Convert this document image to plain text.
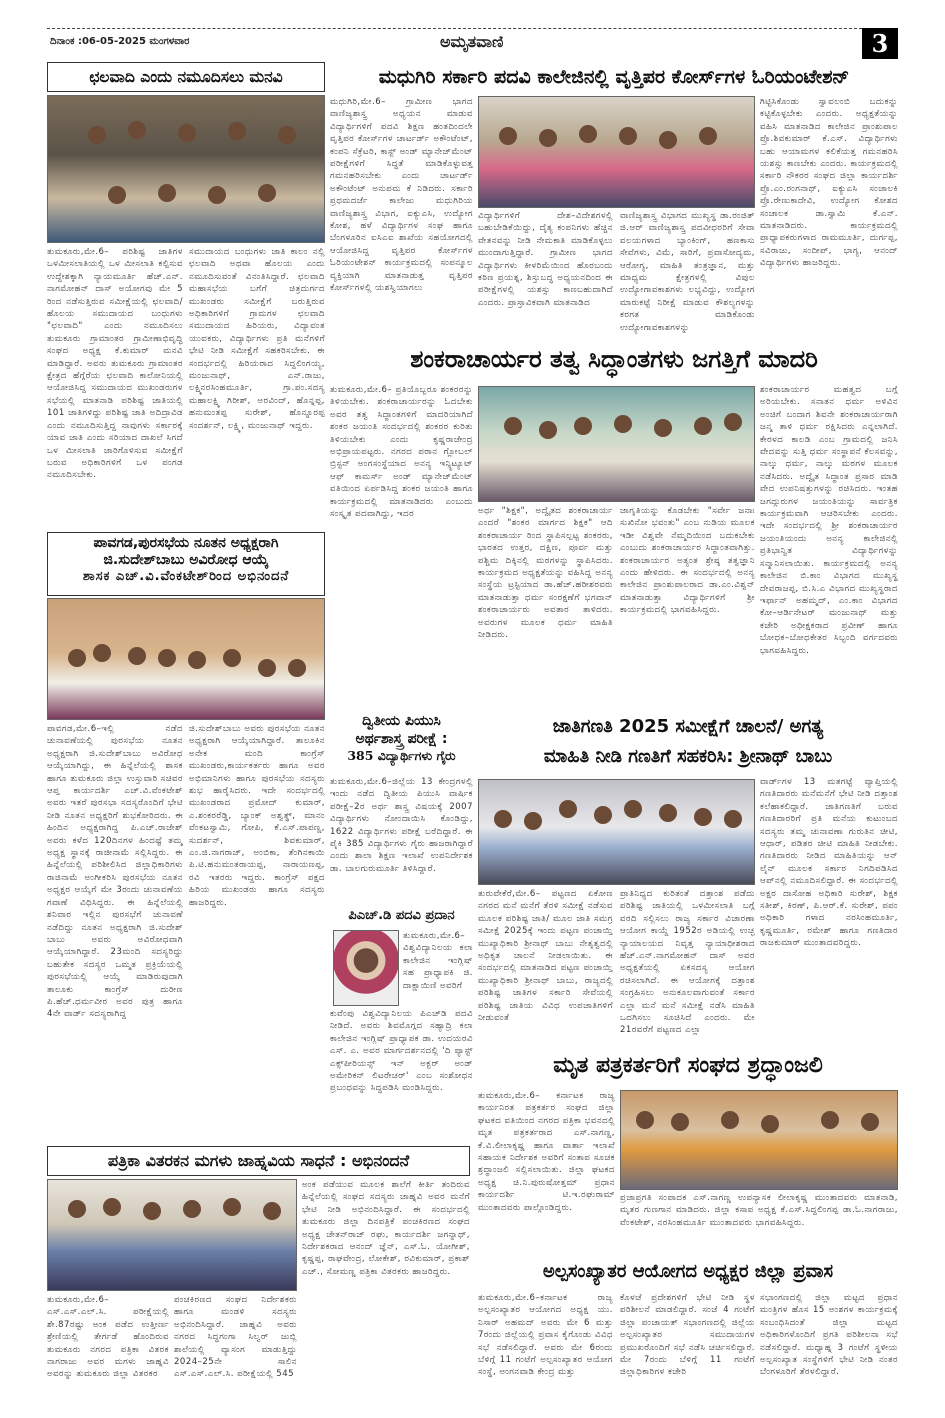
ದಿನಾಂಕ :06-05-2025 ಮಂಗಳವಾರ	ಅಮೃತವಾಣಿ	3
ಛಲವಾದಿ ಎಂದು ನಮೂದಿಸಲು ಮನವಿ
ತುಮಕೂರು,ಮೇ.6– ಪರಿಶಿಷ್ಟ ಜಾತಿಗಳ ಒಳಮೀಸಲಾತಿಯಲ್ಲಿ ಒಳ ಮೀಸಲಾತಿ ಕಲ್ಪಿಸುವ ಉದ್ದೇಶಕ್ಕಾಗಿ ನ್ಯಾಯಮೂರ್ತಿ ಹೆಚ್.ಎನ್. ನಾಗಮೋಹನ್ ದಾಸ್ ಅಯೋಗವು ಮೇ 5 ರಿಂದ ನಡೆಸುತ್ತಿರುವ ಸಮೀಕ್ಷೆಯಲ್ಲಿ ಛಲವಾದಿ/ ಹೊಲಯ ಸಮುದಾಯದ ಬಂಧುಗಳು "ಛಲವಾದಿ" ಎಂದು ನಮೂದಿಸಲು ತುಮಕೂರು ಗ್ರಾಮಾಂತರ ಗ್ರಾಮೀಣಾಭಿವೃದ್ಧಿ ಸಂಘದ ಅಧ್ಯಕ್ಷ ಕೆ.ಕುಮಾರ್ ಮನವಿ ಮಾಡಿದ್ದಾರೆ. ಅವರು ತುಮಕೂರು ಗ್ರಾಮಾಂತರ ಕ್ಷೇತ್ರದ ಹೆಗ್ಗೆರೆಯ ಛಲವಾದಿ ಕಾಲೋನಿಯಲ್ಲಿ ಆಯೋಜಿಸಿದ್ದ ಸಮುದಾಯದ ಮುಖಂಡರುಗಳ ಸಭೆಯಲ್ಲಿ ಮಾತನಾಡಿ ಪರಿಶಿಷ್ಟ ಜಾತಿಯಲ್ಲಿ 101 ಜಾತಿಗಳಿದ್ದು ಪರಿಶಿಷ್ಟ ಜಾತಿ ಅದಿದ್ರಾವಿಡ ಎಂದು ನಮೂದಿಸುತ್ತಿದ್ದ ನಾವುಗಳು ಸರ್ಕಾರಕ್ಕೆ ಯಾವ ಜಾತಿ ಎಂದು ಸರಿಯಾದ ದಾಖಲೆ ಸಿಗದೆ ಒಳ ಮೀಸಲಾತಿ ಜಾರಿಗೊಳಿಸುವ ಸಮೀಕ್ಷೆಗೆ ಬರುವ ಅಧಿಕಾರಿಗಳಿಗೆ ಒಳ ಪಂಗಡ ನಮೂದಿಸಬೇಕು.
ಸಮುದಾಯದ ಬಂಧುಗಳು ಜಾತಿ ಕಾಲಂ ನಲ್ಲಿ ಛಲವಾದಿ ಅಥವಾ ಹೊಲಯ ಎಂದು ನಮೂದಿಸುವಂತೆ ವಿನಂತಿಸಿದ್ದಾರೆ. ಛಲವಾದಿ ಮಹಾಸಭೆಯ ಬಗೆಗೆ ಚಿತ್ರದುರ್ಗದ ಮುಖಂಡರು ಸಮೀಕ್ಷೆಗೆ ಬರುತ್ತಿರುವ ಅಧಿಕಾರಿಗಳಿಗೆ ಗ್ರಾಮಗಳ ಛಲವಾದಿ ಸಮುದಾಯದ ಹಿರಿಯರು, ವಿದ್ಯಾವಂತ ಯುವಕರು, ವಿದ್ಯಾರ್ಥಿಗಳು ಪ್ರತಿ ಮನೆಗಳಿಗೆ ಭೇಟಿ ನೀಡಿ ಸಮೀಕ್ಷೆಗೆ ಸಹಕರಿಸಬೇಕು. ಈ ಸಂದರ್ಭದಲ್ಲಿ ಹಿರಿಯರಾದ ಸಿದ್ದಲಿಂಗಯ್ಯ, ಮಂಜುನಾಥ್, ಎನ್.ರಾಜು, ಲಕ್ಷ್ಮಿನರಸಿಂಹಮೂರ್ತಿ, ಗ್ರಾ.ಪಂ.ಸದಸ್ಯ ಮಹಾಲಕ್ಷ್ಮಿ ಗಿರೀಶ್, ಅರವಿಂದ್, ಹೊನ್ನಪ್ಪ, ಹನುಮಂತಪ್ಪ ಸುರೇಶ್, ಹೊನ್ನೂರಪ್ಪ ಸಂದರ್ಶನ್, ಲಕ್ಷ್ಮಿ, ಮಂಜುನಾಥ್ ಇದ್ದರು.
ಪಾವಗಡ,ಪುರಸಭೆಯ ನೂತನ ಅಧ್ಯಕ್ಷರಾಗಿ
ಜಿ.ಸುದೇಶ್‌ಬಾಬು ಅವಿರೋಧ ಆಯ್ಕೆ
ಶಾಸಕ ಎಚ್.ವಿ.ವೆಂಕಟೇಶ್‌ರಿಂದ ಅಭಿನಂದನೆ
ಪಾವಗಡ,ಮೇ.6–ಇಲ್ಲಿ ನಡೆದ ಚುನಾವಣೆಯಲ್ಲಿ ಪುರಸಭೆಯ ನೂತನ ಅಧ್ಯಕ್ಷರಾಗಿ ಜಿ.ಸುದೇಶ್‌ಬಾಬು ಅವಿರೋಧ ಆಯ್ಕೆಯಾಗಿದ್ದು, ಈ ಹಿನ್ನೆಲೆಯಲ್ಲಿ ಶಾಸಕ ಹಾಗೂ ತುಮಕೂರು ಜಿಲ್ಲಾ ಉಸ್ತುವಾರಿ ಸಚಿವರ ಆಪ್ತ ಕಾರ್ಯದರ್ಶಿ ಎಚ್.ವಿ.ವೆಂಕಟೇಶ್ ಅವರು ಇತರೆ ಪುರಸಭಾ ಸದಸ್ಯರೊಂದಿಗೆ ಭೇಟಿ ನೀಡಿ ನೂತನ ಅಧ್ಯಕ್ಷರಿಗೆ ಶುಭಕೋರಿದರು. ಈ ಹಿಂದಿನ ಅಧ್ಯಕ್ಷರಾಗಿದ್ದ ಪಿ.ಎಚ್.ರಾಜೇಶ್ ಅವರು ಕಳೆದ 120ದಿನಗಳ ಹಿಂದಷ್ಟೆ ತಮ್ಮ ಅಧ್ಯಕ್ಷ ಸ್ಥಾನಕ್ಕೆ ರಾಜೀನಾಮೆ ಸಲ್ಲಿಸಿದ್ದರು. ಈ ಹಿನ್ನೆಲೆಯಲ್ಲಿ ಪರಿಶೀಲಿಸಿದ ಜಿಲ್ಲಾಧಿಕಾರಿಗಳು ರಾಜಿನಾಮೆ ಅಂಗೀಕರಿಸಿ ಪುರಸಭೆಯ ನೂತನ ಅಧ್ಯಕ್ಷರ ಆಯ್ಕೆಗೆ ಮೇ 3ರಂದು ಚುನಾವಣೆಯ ಗವಾಣೆ ವಿಧಿಸಿದ್ದರು. ಈ ಹಿನ್ನೆಲೆಯಲ್ಲಿ ಶನಿವಾರ ಇಲ್ಲಿನ ಪುರಸಭೆಗೆ ಚುನಾವಣೆ ನಡೆದಿದ್ದು ನೂತನ ಅಧ್ಯಕ್ಷರಾಗಿ ಜಿ.ಸುದೇಶ್ ಬಾಬು ಅವರು ಅವಿರೋಧವಾಗಿ ಆಯ್ಕೆಯಾಗಿದ್ದಾರೆ. 23ಮಂದಿ ಸದಸ್ಯರಿದ್ದು ಬಹುತೇಕ ಸದಸ್ಯರ ಒಮ್ಮತ ಪ್ರಕ್ರಿಯೆಯಲ್ಲಿ ಪುರಸಭೆಯಲ್ಲಿ ಆಯ್ಕೆ ಮಾಡಿರುವುದಾಗಿ ತಾಲೂಕು ಕಾಂಗ್ರೆಸ್ ದುರೀಣ ಪಿ.ಹೆಚ್.ಧರ್ಮವೀರ ಅವರ ಪುತ್ರ ಹಾಗೂ 4ನೇ ವಾರ್ಡ್ ಸದಸ್ಯರಾಗಿದ್ದ
ಜಿ.ಸುದೇಶ್‌ಬಾಬು ಅವರು ಪುರಸಭೆಯ ನೂತನ ಅಧ್ಯಕ್ಷರಾಗಿ ಆಯ್ಕೆಯಾಗಿದ್ದಾರೆ. ತಾಲೂಕಿನ ಅನೇಕ ಮಂದಿ ಕಾಂಗ್ರೆಸ್ ಮುಖಂಡರು,ಕಾರ್ಯಕರ್ತರು ಹಾಗೂ ಅವರ ಅಭಿಮಾನಿಗಳು ಹಾಗೂ ಪುರಸಭೆಯ ಸದಸ್ಯರು ಶುಭ ಹಾರೈಸಿದರು. ಇದೇ ಸಂದರ್ಭದಲ್ಲಿ ಮುಖಂಡರಾದ ಪ್ರಮೋದ್ ಕುಮಾರ್, ಎ.ಶಂಕರರೆಡ್ಡಿ, ಬ್ಯಾಂಕ್ ಅಶ್ವತ್ಥ್, ಮಾನಂ ವೆಂಕಟಸ್ವಾಮಿ, ಗೋಪಿ, ಕೆ.ಎಸ್.ಪಾಪಣ್ಣ, ಸುದರ್ಶನ್, ಶಿವಕುಮಾರ್, ಎಂ.ಜಿ.ನಾಗರಾಜ್, ಅಂಬಿಕಾ, ತೆಂಗಿನಕಾಯಿ ಪಿ.ಟಿ.ಹನುಮಂತರಾಯಪ್ಪ, ನಾರಾಯಣಪ್ಪ, ರವಿ ಇತರರು ಇದ್ದರು. ಕಾಂಗ್ರೆಸ್ ಪಕ್ಷದ ಹಿರಿಯ ಮುಖಂಡರು ಹಾಗೂ ಸದಸ್ಯರು ಹಾಜರಿದ್ದರು.
ಪತ್ರಿಕಾ ವಿತರಕನ ಮಗಳು ಜಾಹ್ನವಿಯ ಸಾಧನೆ : ಅಭಿನಂದನೆ
ತುಮಕೂರು,ಮೇ.6– ಎಸ್.ಎಸ್.ಎಲ್.ಸಿ. ಪರೀಕ್ಷೆಯಲ್ಲಿ ಶೇ.87ರಷ್ಟು ಅಂಕ ಪಡೆದ ಉತ್ತೀರ್ಣ ಶ್ರೇಣಿಯಲ್ಲಿ ತೇರ್ಗಡೆ ಹೊಂದಿರುವ ತುಮಕೂರು ನಗರದ ಪತ್ರಿಕಾ ವಿತರಕ ನಾಗರಾಜು ಅವರ ಮಗಳು ಜಾಹ್ನವಿ ಅವರನ್ನು ತುಮಕೂರು ಜಿಲ್ಲಾ ವಿತರಕರ
ಪಂಚಕಿರಣದ ಸಂಘದ ನಿರ್ದೇಶಕರು ಹಾಗೂ ಮಂಡಳಿ ಸದಸ್ಯರು ಅಭಿನಂದಿಸಿದ್ದಾರೆ. ಜಾಹ್ನವಿ ಅವರು ನಗರದ ಸಿದ್ಧಗಂಗಾ ಸಿಲ್ವರ್ ಜುಬ್ಲಿ ಶಾಲೆಯಲ್ಲಿ ವ್ಯಾಸಂಗ ಮಾಡುತ್ತಿದ್ದು 2024–25ನೇ ಸಾಲಿನ ಎಸ್.ಎಸ್.ಎಲ್.ಸಿ. ಪರೀಕ್ಷೆಯಲ್ಲಿ 545
ಅಂಕ ಪಡೆಯುವ ಮೂಲಕ ಶಾಲೆಗೆ ಕೀರ್ತಿ ತಂದಿರುವ ಹಿನ್ನೆಲೆಯಲ್ಲಿ ಸಂಘದ ಸದಸ್ಯರು ಜಾಹ್ನವಿ ಅವರ ಮನೆಗೆ ಭೇಟಿ ನೀಡಿ ಅಭಿನಂದಿಸಿದ್ದಾರೆ. ಈ ಸಂದರ್ಭದಲ್ಲಿ ತುಮಕೂರು ಜಿಲ್ಲಾ ದಿನಪತ್ರಿಕೆ ಪಂಚಕಿರಣದ ಸಂಘದ ಅಧ್ಯಕ್ಷ ಚೇತನ್‌ರಾಜ್ ರಘು, ಕಾರ್ಯದರ್ಶಿ ಜಗನ್ನಾಥ್, ನಿರ್ದೇಶಕರಾದ ಆನಂದ್ ಜ್ಞೆನ್, ಎಸ್.ಓ. ಯೋಗೀಶ್, ಕೃಷ್ಣಪ್ಪ, ರಾಘವೇಂದ್ರ, ಲೋಕೇಶ್, ರವಿಕುಮಾರ್, ಪ್ರಕಾಶ್ ಎಚ್., ಸೋಮಣ್ಣ ಪತ್ರಿಕಾ ವಿತರಕರು ಹಾಜರಿದ್ದರು.
ಮಧುಗಿರಿ ಸರ್ಕಾರಿ ಪದವಿ ಕಾಲೇಜಿನಲ್ಲಿ ವೃತ್ತಿಪರ ಕೋರ್ಸ್‌ಗಳ ಓರಿಯಂಟೇಶನ್
ಮಧುಗಿರಿ,ಮೇ.6– ಗ್ರಾಮೀಣ ಭಾಗದ ವಾಣಿಜ್ಯಶಾಸ್ತ್ರ ಅಧ್ಯಯನ ಮಾಡುವ ವಿದ್ಯಾರ್ಥಿಗಳಿಗೆ ಪದವಿ ಶಿಕ್ಷಣ ಹಂತದಿಂದಲೇ ವೃತ್ತಿಪರ ಕೋರ್ಸ್‌ಗಳ ಚಾರ್ಟರ್ಡ್ ಅಕೌಂಟೆಂಟ್, ಕಂಪನಿ ಸೆಕ್ರೆಟರಿ, ಕಾಸ್ಟ್ ಅಂಡ್ ಮ್ಯಾನೇಜ್‌ಮೆಂಟ್ ಪರೀಕ್ಷೆಗಳಿಗೆ ಸಿದ್ಧತೆ ಮಾಡಿಕೊಳ್ಳುವತ್ತ ಗಮನಹರಿಸಬೇಕು ಎಂದು ಚಾರ್ಟರ್ಡ್ ಅಕೌಂಟೆಂಟ್ ಅನುಪಮ ಕೆ ನಿಡಿದರು. ಸರ್ಕಾರಿ ಪ್ರಥಮದರ್ಜೆ ಕಾಲೇಜು ಮಧುಗಿರಿಯ ವಾಣಿಜ್ಯಶಾಸ್ತ್ರ ವಿಭಾಗ, ಐಕ್ಯುಎಸಿ, ಉದ್ಯೋಗ ಕೋಶ, ಹಳೆ ವಿದ್ಯಾರ್ಥಿಗಳ ಸಂಘ ಹಾಗೂ ಬೆಂಗಳೂರಿನ ಐಸಿಎಐ ಶಾಖೆಯ ಸಹಯೋಗದಲ್ಲಿ ಆಯೋಜಿಸಿದ್ದ ವೃತ್ತಿಪರ ಕೋರ್ಸ್‌ಗಳ ಓರಿಯಂಟೇಶನ್ ಕಾರ್ಯಕ್ರಮದಲ್ಲಿ ಸಂಪನ್ಮೂಲ ವ್ಯಕ್ತಿಯಾಗಿ ಮಾತನಾಡುತ್ತ ವೃತ್ತಿಪರ ಕೋರ್ಸ್‌ಗಳಲ್ಲಿ ಯಶಸ್ವಿಯಾಗಲು
ವಿದ್ಯಾರ್ಥಿಗಳಿಗೆ ದೇಶ–ವಿದೇಶಗಳಲ್ಲಿ ಬಹುಬೇಡಿಕೆಯಿದ್ದು, ದೈತ್ಯ ಕಂಪನಿಗಳು ಹೆಚ್ಚಿನ ವೇತನವನ್ನು ನೀಡಿ ನೇಮಕಾತಿ ಮಾಡಿಕೊಳ್ಳಲು ಮುಂದಾಗುತ್ತಿದ್ದಾರೆ. ಗ್ರಾಮೀಣ ಭಾಗದ ವಿದ್ಯಾರ್ಥಿಗಳು ಕೀಳರಿಮೆಯಿಂದ ಹೊರಬಂದು ಕಠಿಣ ಪ್ರಯತ್ನ, ಶಿಸ್ತುಬದ್ಧ ಅಧ್ಯಯನದಿಂದ ಈ ಪರೀಕ್ಷೆಗಳಲ್ಲಿ ಯಶಸ್ಸು ಕಾಣಬಹುದಾಗಿದೆ ಎಂದರು. ಪ್ರಾಸ್ತಾವಿಕವಾಗಿ ಮಾತನಾಡಿದ
ವಾಣಿಜ್ಯಶಾಸ್ತ್ರ ವಿಭಾಗದ ಮುಖ್ಯಸ್ಥ ಡಾ.ರಂಜಿತ್ ಜಿ.ಆರ್ ವಾಣಿಜ್ಯಶಾಸ್ತ್ರ ಪದವೀಧರರಿಗೆ ಸೇವಾ ವಲಯಗಳಾದ ಬ್ಯಾಂಕಿಂಗ್, ಹಣಕಾಸು ಸೇವೆಗಳು, ವಿಮೆ, ಸಾರಿಗೆ, ಪ್ರವಾಸೋದ್ಯಮ, ಆರೋಗ್ಯ, ಮಾಹಿತಿ ತಂತ್ರಜ್ಞಾನ, ಮತ್ತು ಮಾಧ್ಯಮ ಕ್ಷೇತ್ರಗಳಲ್ಲಿ ವಿಪುಲ ಉದ್ಯೋಗಾವಕಾಶಗಳು ಲಭ್ಯವಿದ್ದು, ಉದ್ಯೋಗ ಮಾರುಕಟ್ಟೆ ನಿರೀಕ್ಷೆ ಮಾಡುವ ಕೌಶಲ್ಯಗಳನ್ನು ಕರಗತ ಮಾಡಿಕೊಂಡು ಉದ್ಯೋಗಾವಕಾಶಗಳನ್ನು
ಗಿಟ್ಟಿಸಿಕೊಂಡು ಸ್ವಾವಲಂಬಿ ಬದುಕನ್ನು ಕಟ್ಟಿಕೊಳ್ಳಬೇಕು ಎಂದರು. ಅಧ್ಯಕ್ಷತೆಯನ್ನು ವಹಿಸಿ ಮಾತನಾಡಿದ ಕಾಲೇಜಿನ ಪ್ರಾಂಶುಪಾಲ ಪ್ರೊ.ಶಿವಕುಮಾರ್ ಕೆ.ಎಸ್. ವಿದ್ಯಾರ್ಥಿಗಳು ಬಹು ಆಯಾಮಗಳ ಕಲಿಕೆಯತ್ತ ಗಮನಹರಿಸಿ ಯಶಸ್ಸು ಕಾಣಬೇಕು ಎಂದರು. ಕಾರ್ಯಕ್ರಮದಲ್ಲಿ ಸರ್ಕಾರಿ ನೌಕರರ ಸಂಘದ ಜಿಲ್ಲಾ ಕಾರ್ಯದರ್ಶಿ ಪ್ರೊ.ಎಂ.ರಂಗನಾಥ್, ಐಕ್ಯುಎಸಿ ಸಂಚಾಲಕಿ ಪ್ರೊ.ರೇಣುಕಾದೇವಿ, ಉದ್ಯೋಗ ಕೋಶದ ಸಂಚಾಲಕ ಡಾ.ಸ್ವಾಮಿ ಕೆ.ಎನ್. ಮಾತನಾಡಿದರು. ಕಾರ್ಯಕ್ರಮದಲ್ಲಿ ಪ್ರಾಧ್ಯಾಪಕರುಗಳಾದ ರಾಮಮೂರ್ತಿ, ದುರ್ಗಪ್ಪ, ಸವಿರಾಜು, ಸಂದೀಪ್, ಭಾಗ್ಯ, ಆನಂದ್ ವಿದ್ಯಾರ್ಥಿಗಳು ಹಾಜರಿದ್ದರು.
ಶಂಕರಾಚಾರ್ಯರ ತತ್ವ ಸಿದ್ಧಾಂತಗಳು ಜಗತ್ತಿಗೆ ಮಾದರಿ
ತುಮಕೂರು,ಮೇ.6– ಪ್ರತಿಯೊಬ್ಬರೂ ಶಂಕರರನ್ನು ತಿಳಿಯಬೇಕು. ಶಂಕರಾಚಾರ್ಯರನ್ನು ಓದಬೇಕು ಅವರ ತತ್ವ ಸಿದ್ಧಾಂತಗಳಿಗೆ ಮಾದರಿಯಾಗಿದೆ ಶಂಕರ ಜಯಂತಿ ಸಂದರ್ಭದಲ್ಲಿ ಶಂಕರರ ಕುರಿತು ತಿಳಿಯಬೇಕು ಎಂದು ಕೃಷ್ಣರಾಜೇಂದ್ರ ಅಭಿಪ್ರಾಯಪಟ್ಟರು. ನಗರದ ಪರಾನ ಗ್ಲೋಬಲ್ ಬ್ರಿಸ್ಟನ್ ಅಂಗಸಂಸ್ಥೆಯಾದ ಅನನ್ಯ ಇನ್ಸ್ಟಿಟ್ಯೂಟ್ ಆಫ್ ಕಾಮರ್ಸ್ ಅಂಡ್ ಮ್ಯಾನೇಜ್‌ಮೆಂಟ್ ವತಿಯಿಂದ ಏರ್ಪಡಿಸಿದ್ದ ಶಂಕರ ಜಯಂತಿ ಹಾಗೂ ಕಾರ್ಯಕ್ರಮದಲ್ಲಿ ಮಾತನಾಡಿದರು ಎಂಬುದು ಸಂಸ್ಕೃತ ಪದವಾಗಿದ್ದು, ಇದರ	ಅರ್ಥ "ಶಿಕ್ಷಕ", ಅದ್ವೈತದ ಶಂಕರಾಚಾರ್ಯ ಎಂದರೆ "ಶಂಕರ ಮಾರ್ಗದ ಶಿಕ್ಷಕ" ಆದಿ ಶಂಕರಾಚಾರ್ಯ ರಿಂದ ಸ್ಥಾಪಿಸಲ್ಪಟ್ಟ ಶಂಕರರು, ಭಾರತದ ಉತ್ತರ, ದಕ್ಷಿಣ, ಪೂರ್ವ ಮತ್ತು ಪಶ್ಚಿಮ ದಿಕ್ಕಿನಲ್ಲಿ ಮಠಗಳನ್ನು ಸ್ಥಾಪಿಸಿದರು. ಕಾರ್ಯಕ್ರಮದ ಅಧ್ಯಕ್ಷತೆಯನ್ನು ವಹಿಸಿದ್ದ ಅನನ್ಯ ಸಂಸ್ಥೆಯ ಟ್ರಸ್ಟಿಯಾದ ಡಾ.ಹೆಚ್.ಹರೀಶರವರು ಮಾತನಾಡುತ್ತಾ ಧರ್ಮ ಸಂರಕ್ಷಣೆಗೆ ಭಗವಾನ್ ಶಂಕರಾಚಾರ್ಯರು ಅವತಾರ ತಾಳಿದರು. ಅವರುಗಳ ಮೂಲಕ ಧರ್ಮ ಮಾಹಿತಿ ನೀಡಿದರು.
ಜಾಗೃತಿಯನ್ನು ಕೊಡಬೇಕು "ಸರ್ವೇ ಜನಾಃ ಸುಖಿನೋ ಭವಂತು" ಎಂಬ ನುಡಿಯ ಮೂಲಕ ಇಡೀ ವಿಶ್ವವೇ ನೆಮ್ಮದಿಯಿಂದ ಬದುಕಬೇಕು ಎಂಬುದು ಶಂಕರಾಚಾರ್ಯರ ಸಿದ್ಧಾಂತವಾಗಿತ್ತು. ಶಂಕರಾಚಾರ್ಯರ ಅತ್ಯಂತ ಶ್ರೇಷ್ಠ ತತ್ವಜ್ಞಾನಿ ಎಂದು ಹೇಳಿದರು. ಈ ಸಂದರ್ಭದಲ್ಲಿ ಅನನ್ಯ ಕಾಲೇಜಿನ ಪ್ರಾಂಶುಪಾಲರಾದ ಡಾ.ಎಂ.ವಿಶ್ವನ್ ಮಾತನಾಡುತ್ತಾ ವಿದ್ಯಾರ್ಥಿಗಳಿಗೆ ಶ್ರೀ ಕಾರ್ಯಕ್ರಮದಲ್ಲಿ ಭಾಗವಹಿಸಿದ್ದರು.
ಶಂಕರಾಚಾರ್ಯರ ಮಹತ್ವದ ಬಗ್ಗೆ ಅರಿಯಬೇಕು. ಸನಾತನ ಧರ್ಮ ಅಳಿವಿನ ಅಂಚಿಗೆ ಬಂದಾಗ ಶಿವನೇ ಶಂಕರಾಚಾರ್ಯರಾಗಿ ಜನ್ಮ ತಾಳಿ ಧರ್ಮ ರಕ್ಷಿಸಿದರು ಎನ್ನಲಾಗಿದೆ. ಕೇರಳದ ಕಾಲಡಿ ಎಂಬ ಗ್ರಾಮದಲ್ಲಿ ಜನಿಸಿ ವೇದವನ್ನು ಸುತ್ತಿ ಧರ್ಮ ಸಂಸ್ಥಾಪನೆ ಕೆಲಸವನ್ನು, ನಾಲ್ಕು ಧರ್ಮ, ನಾಲ್ಕು ಮಠಗಳ ಮೂಲಕ ನಡೆಸಿದರು. ಅದ್ವೈತ ಸಿದ್ಧಾಂತ ಪ್ರಸಾರ ಮಾಡಿ ವೇದ ಉಪನಿಷತ್ತುಗಳನ್ನು ರಚಿಸಿದರು. ಇಂತಹ ಜಗದ್ಗುರುಗಳ ಜಯಂತಿಯನ್ನು ಸಾರ್ವತ್ರಿಕ ಕಾರ್ಯಕ್ರಮವಾಗಿ ಆಚರಿಸಬೇಕು ಎಂದರು. ಇದೇ ಸಂದರ್ಭದಲ್ಲಿ ಶ್ರೀ ಶಂಕರಾಚಾರ್ಯರ ಜಯಂತಿಯಂದು ಅನನ್ಯ ಕಾಲೇಜಿನಲ್ಲಿ ಪ್ರತಿಭಾನ್ವಿತ ವಿದ್ಯಾರ್ಥಿಗಳನ್ನು ಸನ್ಮಾನಿಸಲಾಯಿತು. ಕಾರ್ಯಕ್ರಮದಲ್ಲಿ ಅನನ್ಯ ಕಾಲೇಜಿನ ಬಿ.ಕಾಂ ವಿಭಾಗದ ಮುಖ್ಯಸ್ಥ ದೇವರಾಜಪ್ಪ, ಬಿ.ಸಿ.ಎ ವಿಭಾಗದ ಮುಖ್ಯಸ್ಥರಾದ ಇರ್ಫಾನ್ ಅಹಮ್ಮದ್, ಎಂ.ಕಾಂ ವಿಭಾಗದ ಕೋ–ಆರ್ಡಿನೇಟರ್ ಮಂಜುನಾಥ್ ಮತ್ತು ಕಚೇರಿ ಅಧೀಕ್ಷಕರಾದ ಪ್ರವೀಣ್ ಹಾಗೂ ಬೋಧಕ–ಬೋಧಕೇತರ ಸಿಬ್ಬಂದಿ ವರ್ಗದವರು ಭಾಗವಹಿಸಿದ್ದರು.
ದ್ವಿತೀಯ ಪಿಯುಸಿ
ಅರ್ಥಶಾಸ್ತ್ರ ಪರೀಕ್ಷೆ :
385 ವಿದ್ಯಾರ್ಥಿಗಳು ಗೈರು
ತುಮಕೂರು,ಮೇ.6–ಜಿಲ್ಲೆಯ 13 ಕೇಂದ್ರಗಳಲ್ಲಿ ಇಂದು ನಡೆದ ದ್ವಿತೀಯ ಪಿಯುಸಿ ವಾರ್ಷಿಕ ಪರೀಕ್ಷೆ–2ರ ಅರ್ಥ ಶಾಸ್ತ್ರ ವಿಷಯಕ್ಕೆ 2007 ವಿದ್ಯಾರ್ಥಿಗಳು ನೋಂದಾಯಿಸಿ ಕೊಂಡಿದ್ದು, 1622 ವಿದ್ಯಾರ್ಥಿಗಳು ಪರೀಕ್ಷೆ ಬರೆದಿದ್ದಾರೆ. ಈ ಪೈಕಿ 385 ವಿದ್ಯಾರ್ಥಿಗಳು ಗೈರು ಹಾಜರಾಗಿದ್ದಾರೆ ಎಂದು ಶಾಲಾ ಶಿಕ್ಷಣ ಇಲಾಖೆ ಉಪನಿರ್ದೇಶಕ ಡಾ. ಬಾಲಗುರುಮೂರ್ತಿ ತಿಳಿಸಿದ್ದಾರೆ.
ಪಿಎಚ್.ಡಿ ಪದವಿ ಪ್ರದಾನ
ತುಮಕೂರು,ಮೇ.6– ವಿಶ್ವವಿದ್ಯಾನಿಲಯ ಕಲಾ ಕಾಲೇಜಿನ ಇಂಗ್ಲಿಷ್ ಸಹ ಪ್ರಾಧ್ಯಾಪಕಿ ಜಿ. ದಾಕ್ಷಾಯಿಣಿ ಅವರಿಗೆ
ಕುವೆಂಪು ವಿಶ್ವವಿದ್ಯಾನಿಲಯ ಪಿಎಚ್‌ಡಿ ಪದವಿ ನೀಡಿದೆ. ಅವರು ಶಿವಮೊಗ್ಗದ ಸಹ್ಯಾದ್ರಿ ಕಲಾ ಕಾಲೇಜಿನ ಇಂಗ್ಲಿಷ್ ಪ್ರಾಧ್ಯಾಪಕ ಡಾ. ಉದಯರವಿ ಎಸ್. ಎ. ಅವರ ಮಾರ್ಗದರ್ಶನದಲ್ಲಿ 'ದಿ ಪ್ಯಾಸ್ಟ್ ಎಕ್ಸ್‌ಪೀರಿಯನ್ಸ್ ಇನ್ ಅಕ್ಬರ್ ಅಂಡ್ ಅಮೇರಿಕನ್ ಲಿಟರೇಚರ್' ಎಂಬ ಸಂಶೋಧನ ಪ್ರಬಂಧವನ್ನು ಸಿದ್ಧಪಡಿಸಿ ಮಂಡಿಸಿದ್ದರು.
ಜಾತಿಗಣತಿ 2025 ಸಮೀಕ್ಷೆಗೆ ಚಾಲನೆ/ ಅಗತ್ಯ
ಮಾಹಿತಿ ನೀಡಿ ಗಣತಿಗೆ ಸಹಕರಿಸಿ: ಶ್ರೀನಾಥ್ ಬಾಬು
ತುರುವೇಕೆರೆ,ಮೇ.6– ಪಟ್ಟಣದ ಏಕೋಣ ನಗರದ ಮನೆ ಮನೆಗೆ ತೆರಳಿ ಸಮೀಕ್ಷೆ ನಡೆಸುವ ಮೂಲಕ ಪರಿಶಿಷ್ಟ ಜಾತಿ/ ಮೂಲ ಜಾತಿ ಸಮಗ್ರ ಸಮೀಕ್ಷೆ 2025ಕ್ಕೆ ಇಂದು ಪಟ್ಟಣ ಪಂಚಾಯ್ತಿ ಮುಖ್ಯಾಧಿಕಾರಿ ಶ್ರೀನಾಥ್ ಬಾಬು ನೇತೃತ್ವದಲ್ಲಿ ಅಧಿಕೃತ ಚಾಲನೆ ನೀಡಲಾಯಿತು. ಈ ಸಂದರ್ಭದಲ್ಲಿ ಮಾತನಾಡಿದ ಪಟ್ಟಣ ಪಂಚಾಯ್ತಿ ಮುಖ್ಯಾಧಿಕಾರಿ ಶ್ರೀನಾಥ್ ಬಾಬು, ರಾಜ್ಯದಲ್ಲಿ ಪರಿಶಿಷ್ಟ ಜಾತಿಗಳ ಸರ್ಕಾರಿ ಸೇವೆಯಲ್ಲಿ ಪರಿಶಿಷ್ಟ ಜಾತಿಯ ವಿವಿಧ ಉಪಜಾತಿಗಳಿಗೆ ನೀಡುವಂತೆ
ಪ್ರಾತಿನಿಧ್ಯದ ಕುರಿತಂತೆ ದತ್ತಾಂಶ ಪಡೆದು ಪರಿಶಿಷ್ಟ ಜಾತಿಯಲ್ಲಿ ಒಳಮೀಸಲಾತಿ ಬಗ್ಗೆ ವರದಿ ಸಲ್ಲಿಸಲು ರಾಜ್ಯ ಸರ್ಕಾರ ವಿಚಾರಣಾ ಆಯೋಗ ಕಾಯ್ದೆ 1952ರ ಅಡಿಯಲ್ಲಿ ಉಚ್ಛ ನ್ಯಾಯಾಲಯದ ನಿವೃತ್ತ ನ್ಯಾಯಾಧೀಶರಾದ ಹೆಚ್.ಎನ್.ನಾಗಮೋಹನ್ ದಾಸ್ ಅವರ ಅಧ್ಯಕ್ಷತೆಯಲ್ಲಿ ಏಕಸದಸ್ಯ ಆಯೋಗ ರಚಿಸಲಾಗಿದೆ. ಈ ಆಯೋಗಕ್ಕೆ ದತ್ತಾಂಶ ಸಂಗ್ರಹಿಸಲು ಅನುಕೂಲವಾಗುವಂತೆ ಸರ್ಕಾರ ಎಲ್ಲಾ ಮನೆ ಮನೆ ಸಮೀಕ್ಷೆ ನಡೆಸಿ ಮಾಹಿತಿ ಒದಗಿಸಲು ಸೂಚಿಸಿದೆ ಎಂದರು. ಮೇ 21ರವರೆಗೆ ಪಟ್ಟಣದ ಎಲ್ಲಾ
ವಾರ್ಡ್‌ಗಳ 13 ಮತಗಟ್ಟೆ ವ್ಯಾಪ್ತಿಯಲ್ಲಿ ಗಣತಿದಾರರು ಮನೆಮನೆಗೆ ಭೇಟಿ ನೀಡಿ ದತ್ತಾಂಶ ಕಲೆಹಾಕಲಿದ್ದಾರೆ. ಜಾತಿಗಣತಿಗೆ ಬರುವ ಗಣತಿದಾರರಿಗೆ ಪ್ರತಿ ಮನೆಯ ಕುಟುಂಬದ ಸದಸ್ಯರು ತಮ್ಮ ಚುನಾವಣಾ ಗುರುತಿನ ಚೀಟಿ, ಆಧಾರ್, ಪಡಿತರ ಚೀಟಿ ಮಾಹಿತಿ ನೀಡಬೇಕು. ಗಣತಿದಾರರು ನೀಡಿದ ಮಾಹಿತಿಯನ್ನು ಆನ್ ಲೈನ್ ಮೂಲಕ ಸರ್ಕಾರ ನಿಗದಿಪಡಿಸಿದ ಆಪ್‌ನಲ್ಲಿ ನಮೂದಿಸಲಿದ್ದಾರೆ. ಈ ಸಂದರ್ಭದಲ್ಲಿ ಅಕ್ಷರ ದಾಸೋಹ ಅಧಿಕಾರಿ ಸುರೇಶ್, ಶಿಕ್ಷಕ ಸತೀಶ್, ಕಿರಣ್, ಪಿ.ಆರ್.ಕೆ. ಸುರೇಶ್, ಪಪಂ ಅಧಿಕಾರಿ ಗಳಾದ ನರಸಿಂಹಮೂರ್ತಿ, ಕೃಷ್ಣಮೂರ್ತಿ, ರಮೇಶ್ ಹಾಗೂ ಗಣತಿದಾರ ರಾಜಕುಮಾರ್ ಮುಂತಾದವರಿದ್ದರು.
ಮೃತ ಪತ್ರಕರ್ತರಿಗೆ ಸಂಘದ ಶ್ರದ್ಧಾಂಜಲಿ
ತುಮಕೂರು,ಮೇ.6– ಕರ್ನಾಟಕ ರಾಜ್ಯ ಕಾರ್ಯನಿರತ ಪತ್ರಕರ್ತರ ಸಂಘದ ಜಿಲ್ಲಾ ಘಟಕದ ವತಿಯಿಂದ ನಗರದ ಪತ್ರಿಕಾ ಭವನದಲ್ಲಿ ಮೃತ ಪತ್ರಕರ್ತರಾದ ಎಸ್.ನಾಗಣ್ಣ, ಕೆ.ವಿ.ಲೀಲಾಕೃಷ್ಣ ಹಾಗೂ ವಾರ್ತಾ ಇಲಾಖೆ ಸಹಾಯಕ ನಿರ್ದೇಶಕ ಅವರಿಗೆ ಸಂತಾಪ ಸೂಚಕ ಶ್ರದ್ಧಾಂಜಲಿ ಸಲ್ಲಿಸಲಾಯಿತು. ಜಿಲ್ಲಾ ಘಟಕದ ಅಧ್ಯಕ್ಷ ಚಿ.ನಿ.ಪುರುಷೋತ್ತಮ್ ಪ್ರಧಾನ ಕಾರ್ಯದರ್ಶಿ ಟಿ.ಇ.ರಘುರಾಮ್ ಮುಂತಾದವರು ಪಾಲ್ಗೊಂಡಿದ್ದರು.
ಪ್ರಜಾಪ್ರಗತಿ ಸಂಪಾದಕ ಎಸ್.ನಾಗಣ್ಣ ಉಪನ್ಯಾಸಕ ಲೀಲಾಕೃಷ್ಣ ಮುಂತಾದವರು ಮಾತನಾಡಿ, ಮೃತರ ಗುಣಗಾನ ಮಾಡಿದರು. ಜಿಲ್ಲಾ ಕಸಾಪ ಅಧ್ಯಕ್ಷ ಕೆ.ಎಸ್.ಸಿದ್ದಲಿಂಗಪ್ಪ ಡಾ.ಓ.ನಾಗರಾಜು, ವೆಂಕಟೇಶ್, ನರಸಿಂಹಮೂರ್ತಿ ಮುಂತಾದವರು ಭಾಗವಹಿಸಿದ್ದರು.
ಅಲ್ಪಸಂಖ್ಯಾತರ ಆಯೋಗದ ಅಧ್ಯಕ್ಷರ ಜಿಲ್ಲಾ ಪ್ರವಾಸ
ತುಮಕೂರು,ಮೇ.6–ಕರ್ನಾಟಕ ರಾಜ್ಯ ಅಲ್ಪಸಂಖ್ಯಾತರ ಆಯೋಗದ ಅಧ್ಯಕ್ಷ ಯು. ನಿಸಾರ್ ಅಹಮದ್ ಅವರು ಮೇ 6 ಮತ್ತು 7ರಂದು ಜಿಲ್ಲೆಯಲ್ಲಿ ಪ್ರವಾಸ ಕೈಗೊಂಡು ವಿವಿಧ ಸಭೆ ನಡೆಸಲಿದ್ದಾರೆ. ಅವರು ಮೇ 6ರಂದು ಬೆಳಿಗ್ಗೆ 11 ಗಂಟೆಗೆ ಅಲ್ಪಸಂಖ್ಯಾತರ ಆಯೋಗ ಸಂಸ್ಥೆ, ಅಂಗನವಾಡಿ ಕೇಂದ್ರ ಮತ್ತು
ಕೊಳಚೆ ಪ್ರದೇಶಗಳಿಗೆ ಭೇಟಿ ನೀಡಿ ಸ್ಥಳ ಪರಿಶೀಲನೆ ಮಾಡಲಿದ್ದಾರೆ. ಸಂಜೆ 4 ಗಂಟೆಗೆ ಜಿಲ್ಲಾ ಪಂಚಾಯತ್ ಸಭಾಂಗಣದಲ್ಲಿ ಜಿಲ್ಲೆಯ ಅಲ್ಪಸಂಖ್ಯಾತರ ಸಮುದಾಯಗಳ ಪ್ರಮುಖರೊಂದಿಗೆ ಸಭೆ ನಡೆಸಿ ಚರ್ಚಿಸಲಿದ್ದಾರೆ. ಮೇ 7ರಂದು ಬೆಳಿಗ್ಗೆ 11 ಗಂಟೆಗೆ ಜಿಲ್ಲಾಧಿಕಾರಿಗಳ ಕಚೇರಿ
ಸಭಾಂಗಣದಲ್ಲಿ ಜಿಲ್ಲಾ ಮಟ್ಟದ ಪ್ರಧಾನ ಮಂತ್ರಿಗಳ ಹೊಸ 15 ಅಂಶಗಳ ಕಾರ್ಯಕ್ರಮಕ್ಕೆ ಸಂಬಂಧಿಸಿದಂತೆ ಜಿಲ್ಲಾ ಮಟ್ಟದ ಅಧಿಕಾರಿಗಳೊಂದಿಗೆ ಪ್ರಗತಿ ಪರಿಶೀಲನಾ ಸಭೆ ನಡೆಸಲಿದ್ದಾರೆ. ಮಧ್ಯಾಹ್ನ 3 ಗಂಟೆಗೆ ಸ್ಥಳೀಯ ಅಲ್ಪಸಂಖ್ಯಾತ ಸಂಸ್ಥೆಗಳಿಗೆ ಭೇಟಿ ನೀಡಿ ನಂತರ ಬೆಂಗಳೂರಿಗೆ ತೆರಳಲಿದ್ದಾರೆ.
